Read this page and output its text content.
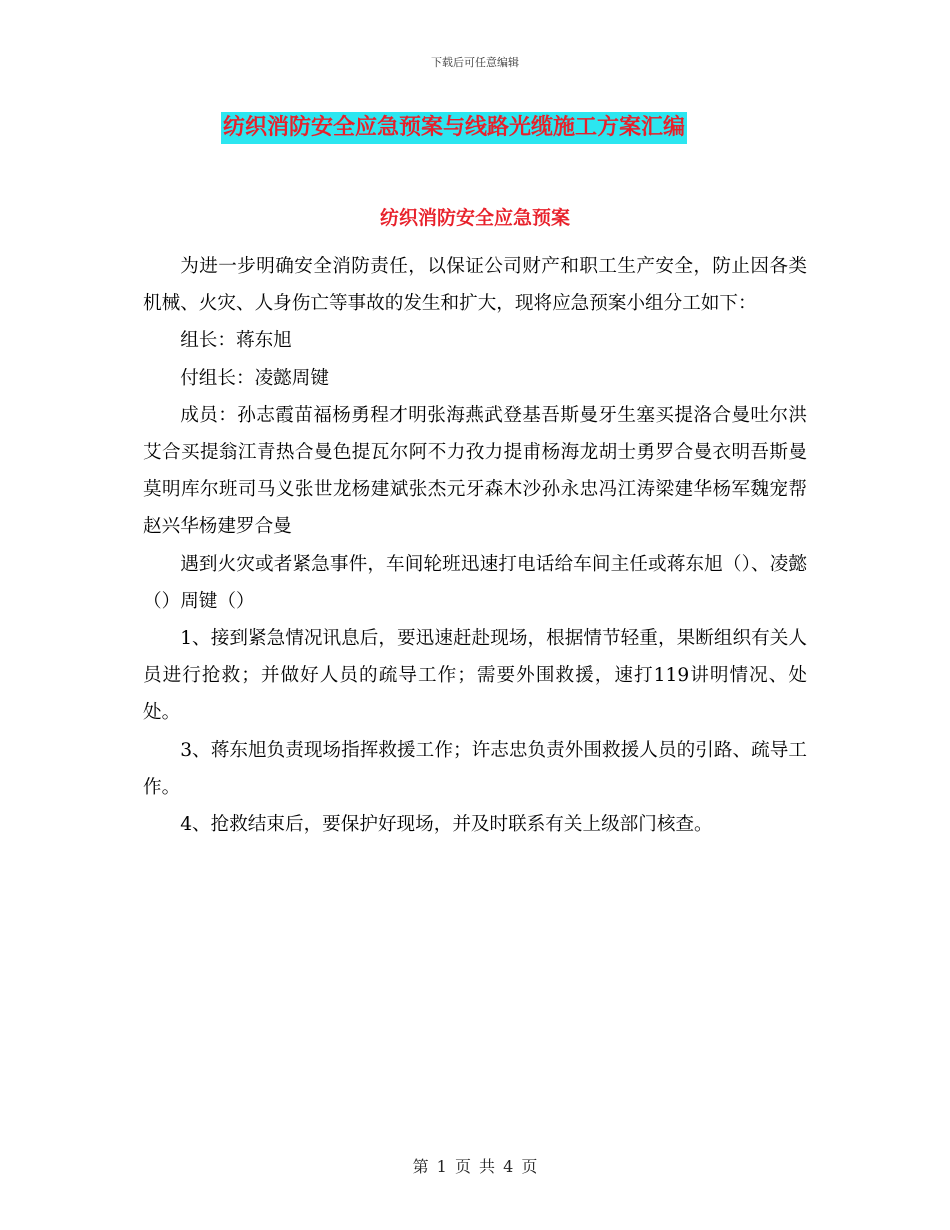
下载后可任意编辑
纺织消防安全应急预案与线路光缆施工方案汇编
纺织消防安全应急预案

为进一步明确安全消防责任，以保证公司财产和职工生产安全，防止因各类机械、火灾、人身伤亡等事故的发生和扩大，现将应急预案小组分工如下：

组长：蒋东旭

付组长：凌懿周键

成员：孙志霞苗福杨勇程才明张海燕武登基吾斯曼牙生塞买提洛合曼吐尔洪艾合买提翁江青热合曼色提瓦尔阿不力孜力提甫杨海龙胡士勇罗合曼衣明吾斯曼莫明库尔班司马义张世龙杨建斌张杰元牙森木沙孙永忠冯江涛梁建华杨军魏宠帮赵兴华杨建罗合曼

遇到火灾或者紧急事件，车间轮班迅速打电话给车间主任或蒋东旭（）、凌懿（）周键（）

1、接到紧急情况讯息后，要迅速赶赴现场，根据情节轻重，果断组织有关人员进行抢救；并做好人员的疏导工作；需要外围救援，速打119讲明情况、处处。

3、蒋东旭负责现场指挥救援工作；许志忠负责外围救援人员的引路、疏导工作。

4、抢救结束后，要保护好现场，并及时联系有关上级部门核查。

第 1 页 共 4 页
